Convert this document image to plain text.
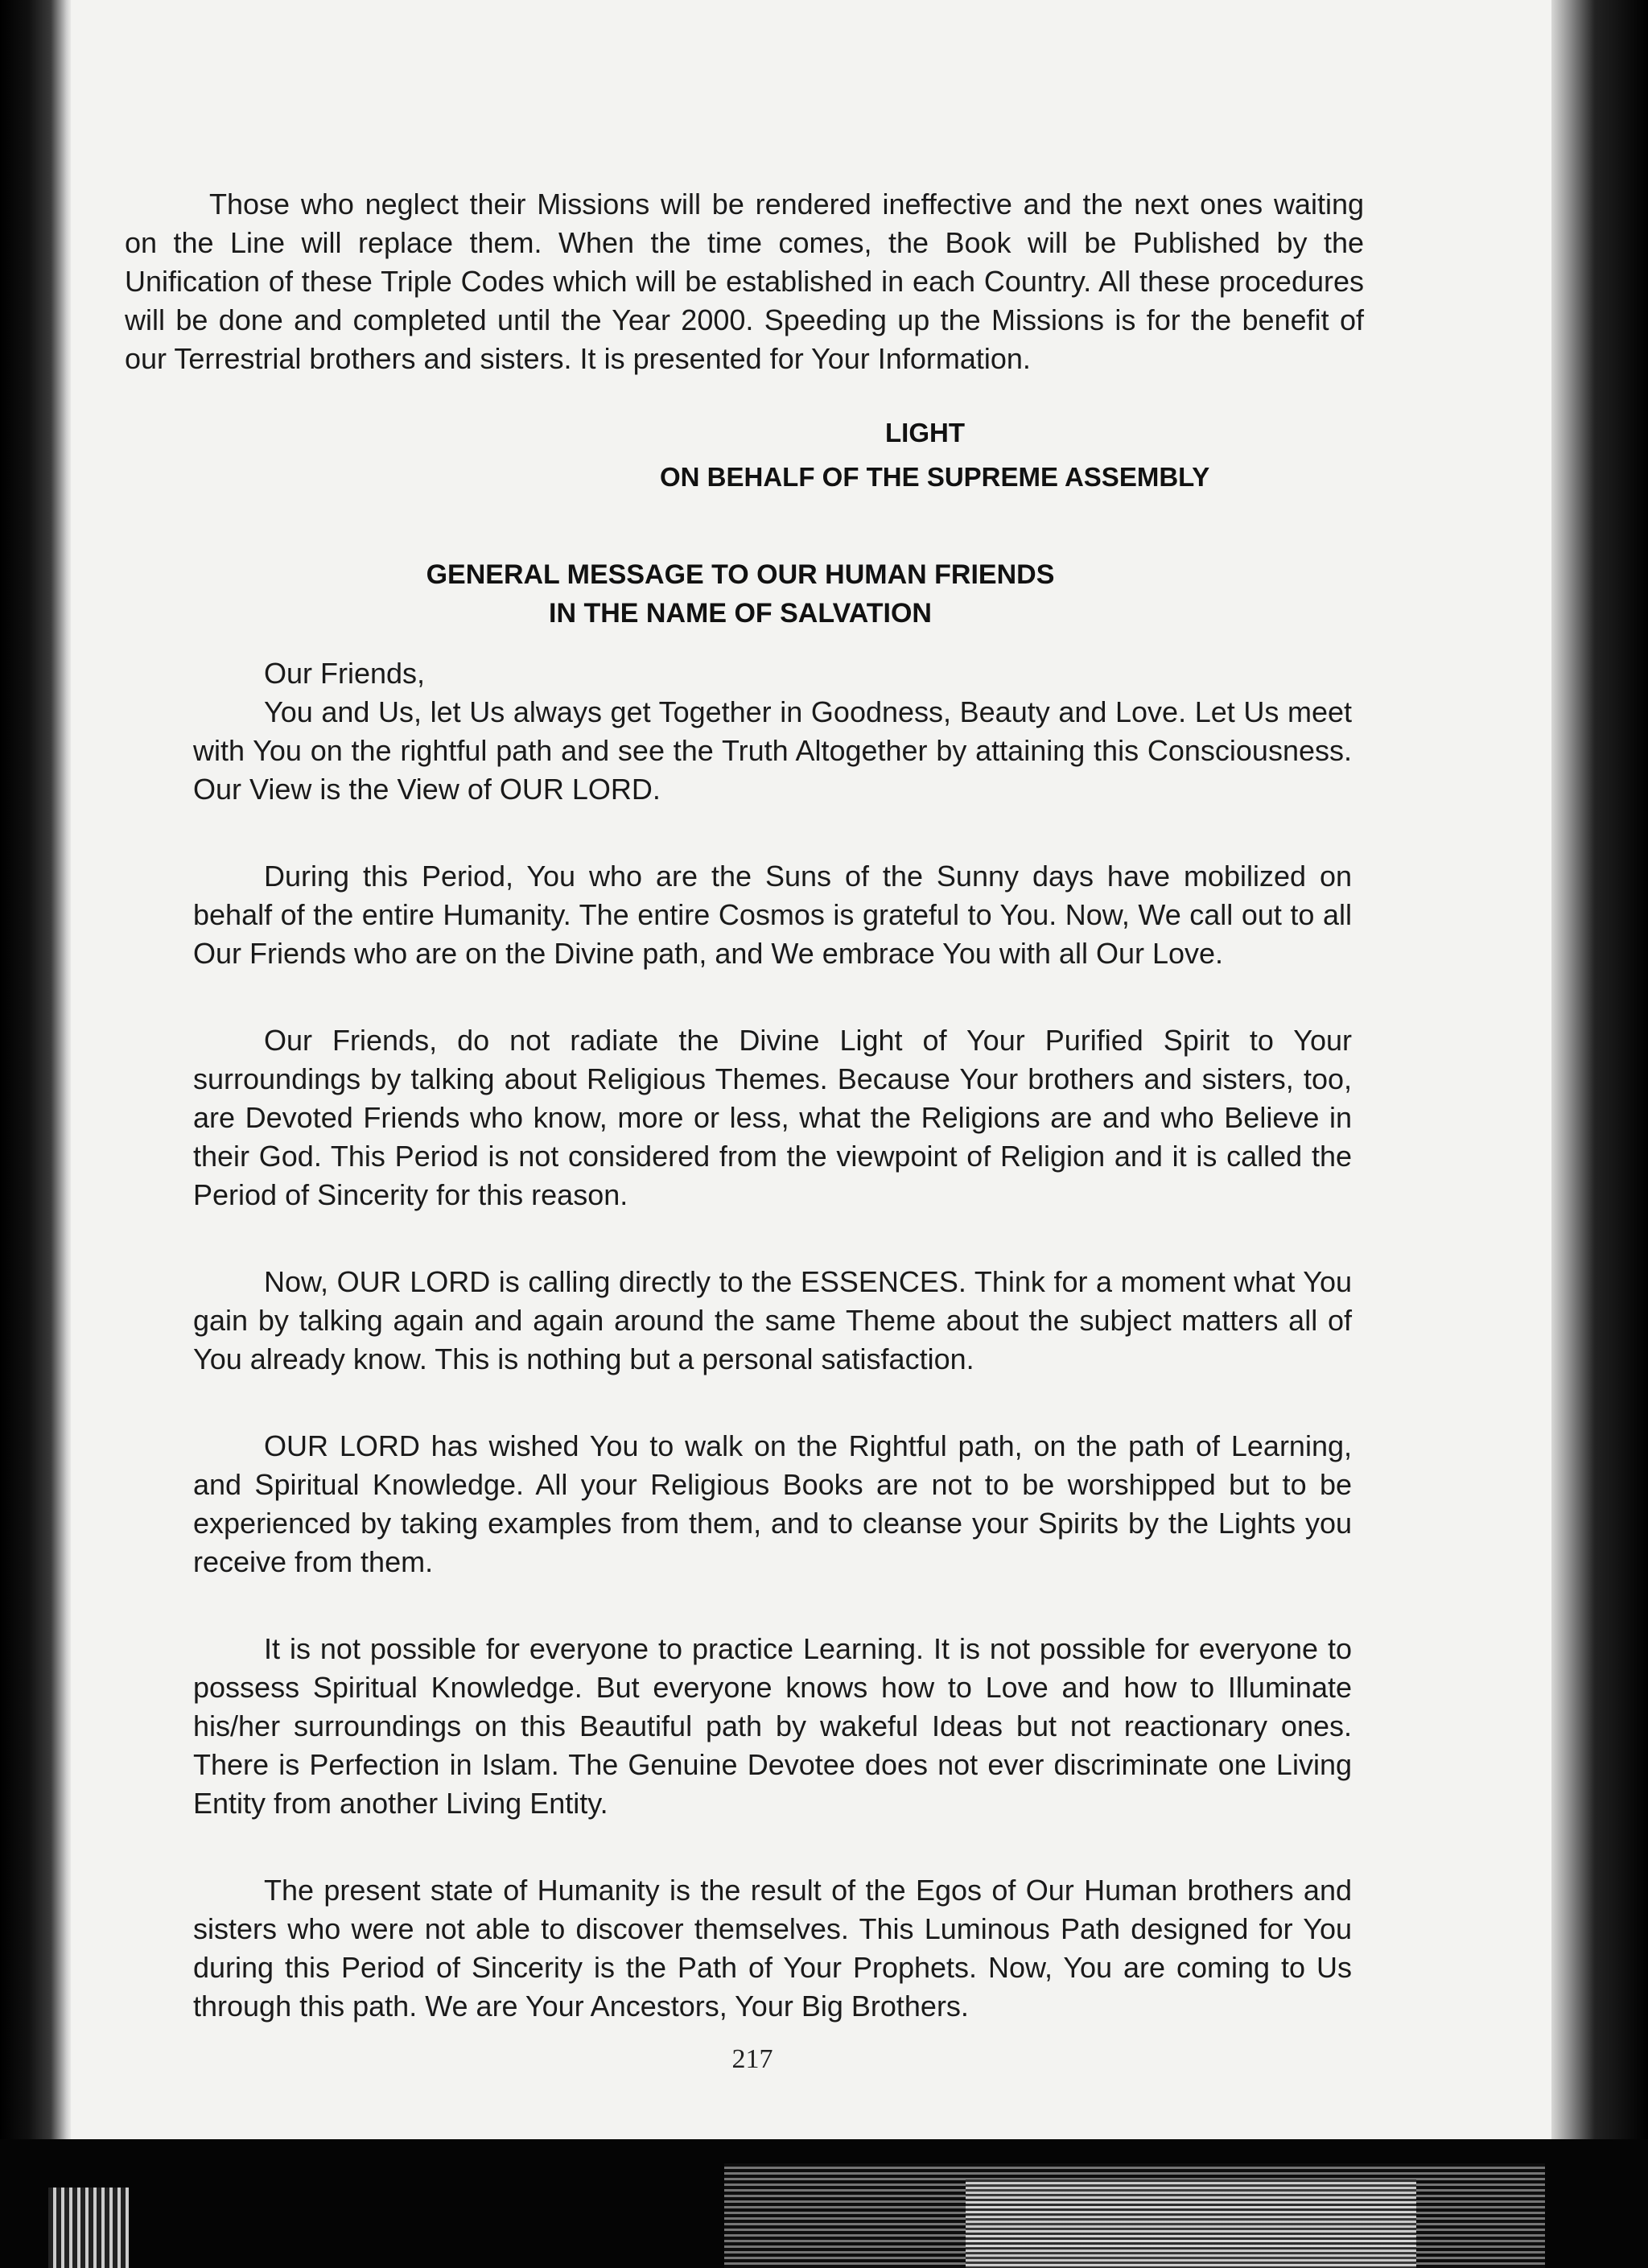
Those who neglect their Missions will be rendered ineffective and the next ones waiting on the Line will replace them. When the time comes, the Book will be Published by the Unification of these Triple Codes which will be established in each Country. All these procedures will be done and completed until the Year 2000. Speeding up the Missions is for the benefit of our Terrestrial brothers and sisters. It is presented for Your Information.

LIGHT
ON BEHALF OF THE SUPREME ASSEMBLY
GENERAL MESSAGE TO OUR HUMAN FRIENDS
IN THE NAME OF SALVATION

Our Friends,

You and Us, let Us always get Together in Goodness, Beauty and Love. Let Us meet with You on the rightful path and see the Truth Altogether by attaining this Consciousness. Our View is the View of OUR LORD.

During this Period, You who are the Suns of the Sunny days have mobilized on behalf of the entire Humanity. The entire Cosmos is grateful to You. Now, We call out to all Our Friends who are on the Divine path, and We embrace You with all Our Love.

Our Friends, do not radiate the Divine Light of Your Purified Spirit to Your surroundings by talking about Religious Themes. Because Your brothers and sisters, too, are Devoted Friends who know, more or less, what the Religions are and who Believe in their God. This Period is not considered from the viewpoint of Religion and it is called the Period of Sincerity for this reason.

Now, OUR LORD is calling directly to the ESSENCES. Think for a moment what You gain by talking again and again around the same Theme about the subject matters all of You already know. This is nothing but a personal satisfaction.

OUR LORD has wished You to walk on the Rightful path, on the path of Learning, and Spiritual Knowledge. All your Religious Books are not to be worshipped but to be experienced by taking examples from them, and to cleanse your Spirits by the Lights you receive from them.

It is not possible for everyone to practice Learning. It is not possible for everyone to possess Spiritual Knowledge. But everyone knows how to Love and how to Illuminate his/her surroundings on this Beautiful path by wakeful Ideas but not reactionary ones. There is Perfection in Islam. The Genuine Devotee does not ever discriminate one Living Entity from another Living Entity.

The present state of Humanity is the result of the Egos of Our Human brothers and sisters who were not able to discover themselves. This Luminous Path designed for You during this Period of Sincerity is the Path of Your Prophets. Now, You are coming to Us through this path. We are Your Ancestors, Your Big Brothers.

217
